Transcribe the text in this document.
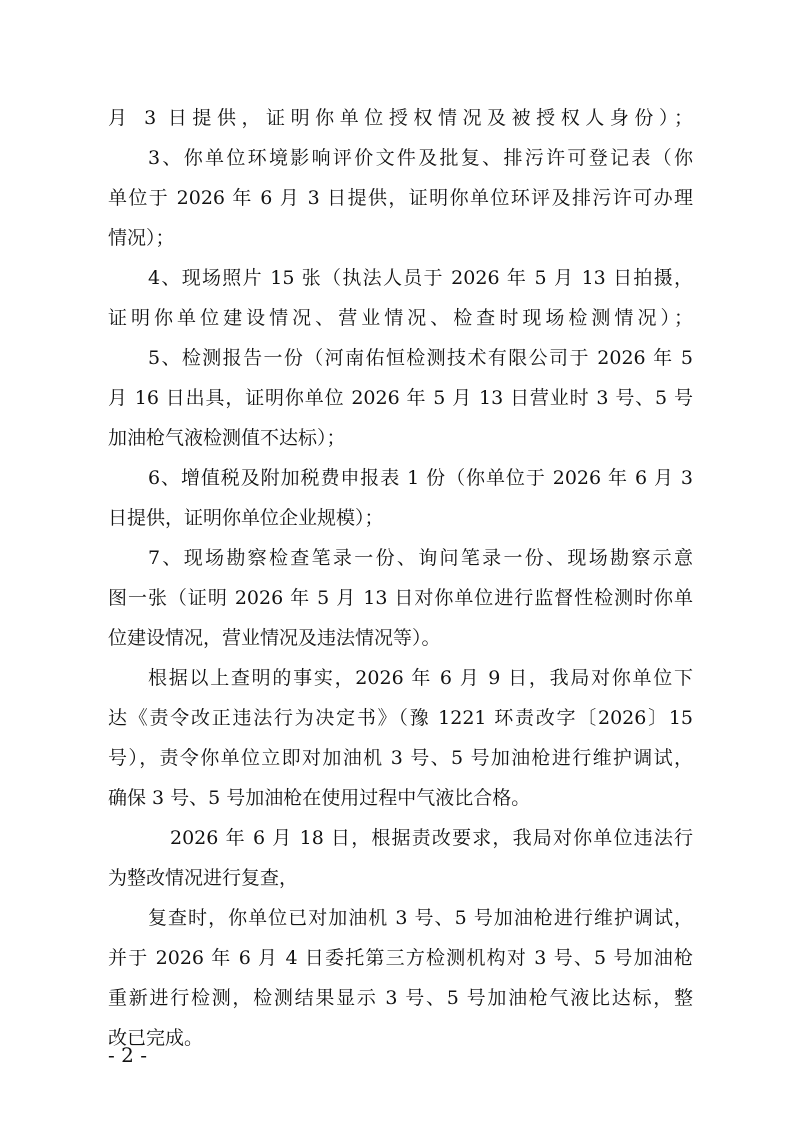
月 3 日提供，证明你单位授权情况及被授权人身份）；
3、你单位环境影响评价文件及批复、排污许可登记表（你
单位于 2026 年 6 月 3 日提供，证明你单位环评及排污许可办理
情况）；
4、现场照片 15 张（执法人员于 2026 年 5 月 13 日拍摄，
证明你单位建设情况、营业情况、检查时现场检测情况）；
5、检测报告一份（河南佑恒检测技术有限公司于 2026 年 5
月 16 日出具，证明你单位 2026 年 5 月 13 日营业时 3 号、5 号
加油枪气液检测值不达标）；
6、增值税及附加税费申报表 1 份（你单位于 2026 年 6 月 3
日提供，证明你单位企业规模）；
7、现场勘察检查笔录一份、询问笔录一份、现场勘察示意
图一张（证明 2026 年 5 月 13 日对你单位进行监督性检测时你单
位建设情况，营业情况及违法情况等）。
根据以上查明的事实，2026 年 6 月 9 日，我局对你单位下
达《责令改正违法行为决定书》（豫 1221 环责改字〔2026〕15
号），责令你单位立即对加油机 3 号、5 号加油枪进行维护调试，
确保 3 号、5 号加油枪在使用过程中气液比合格。
2026 年 6 月 18 日，根据责改要求，我局对你单位违法行
为整改情况进行复查，
复查时，你单位已对加油机 3 号、5 号加油枪进行维护调试，
并于 2026 年 6 月 4 日委托第三方检测机构对 3 号、5 号加油枪
重新进行检测，检测结果显示 3 号、5 号加油枪气液比达标，整
改已完成。
- 2 -
